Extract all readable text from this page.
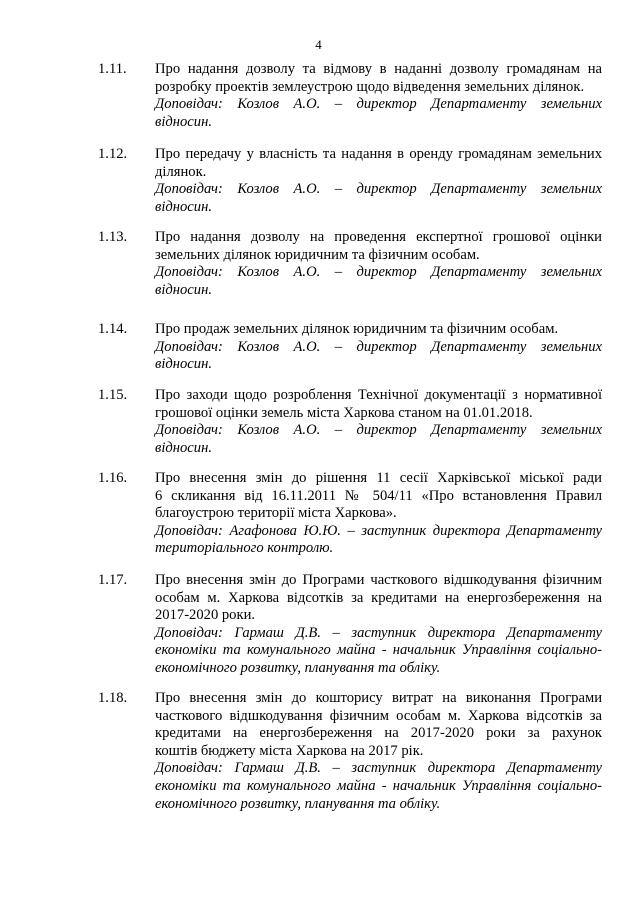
4
1.11. Про надання дозволу та відмову в наданні дозволу громадянам на
розробку проектів землеустрою щодо відведення земельних ділянок.
Доповідач: Козлов А.О. – директор Департаменту земельних
відносин.
1.12. Про передачу у власність та надання в оренду громадянам земельних
ділянок.
Доповідач: Козлов А.О. – директор Департаменту земельних
відносин.
1.13. Про надання дозволу на проведення експертної грошової оцінки
земельних ділянок юридичним та фізичним особам.
Доповідач: Козлов А.О. – директор Департаменту земельних
відносин.
1.14. Про продаж земельних ділянок юридичним та фізичним особам.
Доповідач: Козлов А.О. – директор Департаменту земельних
відносин.
1.15. Про заходи щодо розроблення Технічної документації з нормативної
грошової оцінки земель міста Харкова станом на 01.01.2018.
Доповідач: Козлов А.О. – директор Департаменту земельних
відносин.
1.16. Про внесення змін до рішення 11 сесії Харківської міської ради
6 скликання від 16.11.2011 № 504/11 «Про встановлення Правил
благоустрою території міста Харкова».
Доповідач: Агафонова Ю.Ю. – заступник директора Департаменту
територіального контролю.
1.17. Про внесення змін до Програми часткового відшкодування фізичним
особам м. Харкова відсотків за кредитами на енергозбереження на
2017-2020 роки.
Доповідач: Гармаш Д.В. – заступник директора Департаменту
економіки та комунального майна - начальник Управління соціально-
економічного розвитку, планування та обліку.
1.18. Про внесення змін до кошторису витрат на виконання Програми
часткового відшкодування фізичним особам м. Харкова відсотків за
кредитами на енергозбереження на 2017-2020 роки за рахунок
коштів бюджету міста Харкова на 2017 рік.
Доповідач: Гармаш Д.В. – заступник директора Департаменту
економіки та комунального майна - начальник Управління соціально-
економічного розвитку, планування та обліку.
